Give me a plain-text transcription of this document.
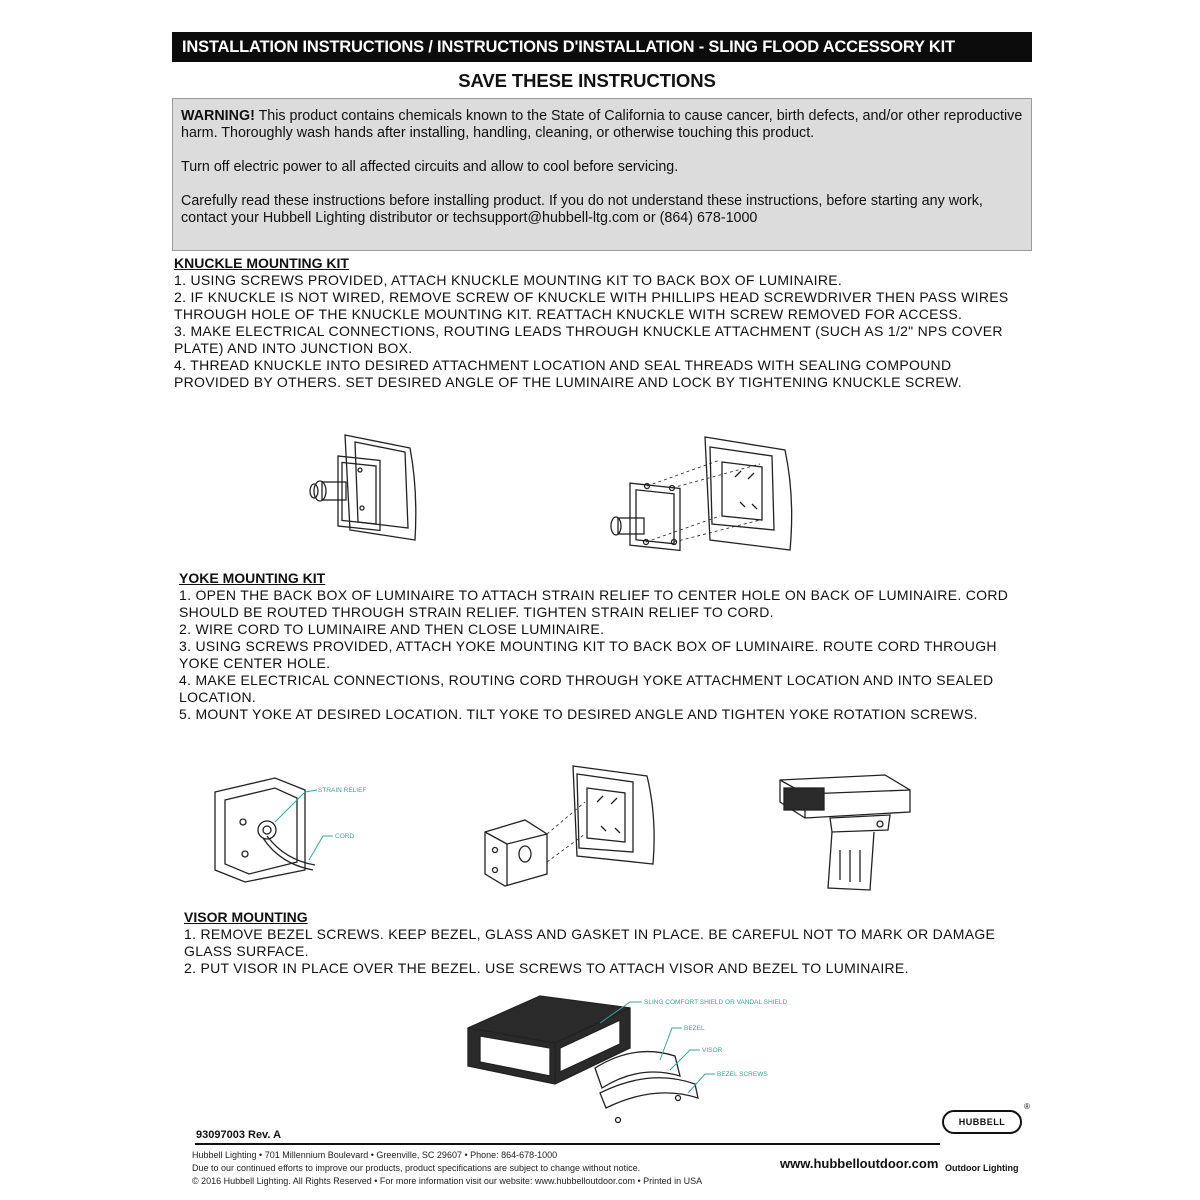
INSTALLATION INSTRUCTIONS / INSTRUCTIONS D'INSTALLATION - SLING FLOOD ACCESSORY KIT
SAVE THESE INSTRUCTIONS

WARNING! This product contains chemicals known to the State of California to cause cancer, birth defects, and/or other reproductive harm. Thoroughly wash hands after installing, handling, cleaning, or otherwise touching this product.

Turn off electric power to all affected circuits and allow to cool before servicing.

Carefully read these instructions before installing product. If you do not understand these instructions, before starting any work, contact your Hubbell Lighting distributor or techsupport@hubbell-ltg.com or (864) 678-1000

KNUCKLE MOUNTING KIT

1. USING SCREWS PROVIDED, ATTACH KNUCKLE MOUNTING KIT TO BACK BOX OF LUMINAIRE.

2. IF KNUCKLE IS NOT WIRED, REMOVE SCREW OF KNUCKLE WITH PHILLIPS HEAD SCREWDRIVER THEN PASS WIRES THROUGH HOLE OF THE KNUCKLE MOUNTING KIT. REATTACH KNUCKLE WITH SCREW REMOVED FOR ACCESS.

3. MAKE ELECTRICAL CONNECTIONS, ROUTING LEADS THROUGH KNUCKLE ATTACHMENT (SUCH AS 1/2" NPS COVER PLATE) AND INTO JUNCTION BOX.

4. THREAD KNUCKLE INTO DESIRED ATTACHMENT LOCATION AND SEAL THREADS WITH SEALING COMPOUND PROVIDED BY OTHERS. SET DESIRED ANGLE OF THE LUMINAIRE AND LOCK BY TIGHTENING KNUCKLE SCREW.

YOKE MOUNTING KIT

1. OPEN THE BACK BOX OF LUMINAIRE TO ATTACH STRAIN RELIEF TO CENTER HOLE ON BACK OF LUMINAIRE. CORD SHOULD BE ROUTED THROUGH STRAIN RELIEF. TIGHTEN STRAIN RELIEF TO CORD.

2. WIRE CORD TO LUMINAIRE AND THEN CLOSE LUMINAIRE.

3. USING SCREWS PROVIDED, ATTACH YOKE MOUNTING KIT TO BACK BOX OF LUMINAIRE. ROUTE CORD THROUGH YOKE CENTER HOLE.

4. MAKE ELECTRICAL CONNECTIONS, ROUTING CORD THROUGH YOKE ATTACHMENT LOCATION AND INTO SEALED LOCATION.

5. MOUNT YOKE AT DESIRED LOCATION. TILT YOKE TO DESIRED ANGLE AND TIGHTEN YOKE ROTATION SCREWS.

STRAIN RELIEF
CORD
VISOR MOUNTING

1. REMOVE BEZEL SCREWS. KEEP BEZEL, GLASS AND GASKET IN PLACE. BE CAREFUL NOT TO MARK OR DAMAGE GLASS SURFACE.

2. PUT VISOR IN PLACE OVER THE BEZEL. USE SCREWS TO ATTACH VISOR AND BEZEL TO LUMINAIRE.

SLING COMFORT SHIELD OR VANDAL SHIELD
BEZEL
VISOR
BEZEL SCREWS
93097003 Rev. A
Hubbell Lighting • 701 Millennium Boulevard • Greenville, SC 29607 • Phone: 864-678-1000
Due to our continued efforts to improve our products, product specifications are subject to change without notice.
© 2016 Hubbell Lighting. All Rights Reserved • For more information visit our website: www.hubbelloutdoor.com • Printed in USA
www.hubbelloutdoor.com
HUBBELL
®
Outdoor Lighting
